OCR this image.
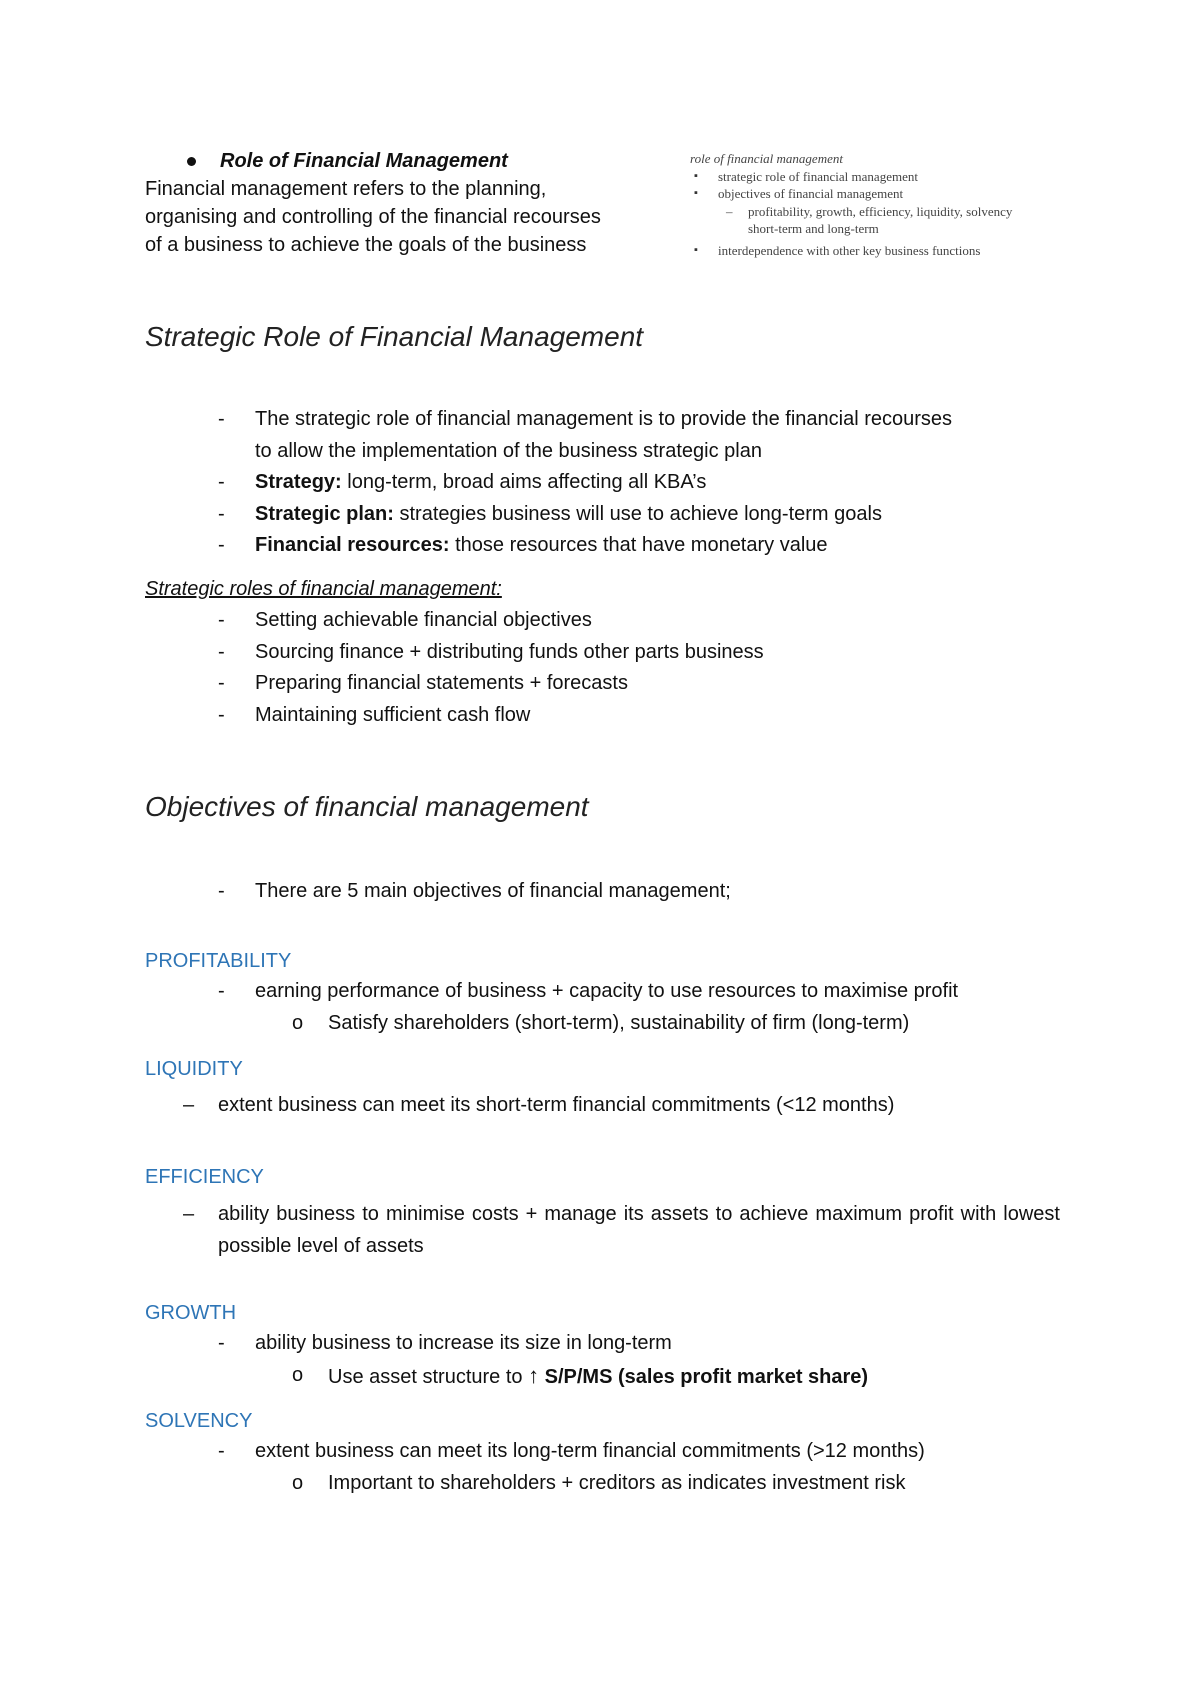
Role of Financial Management
Financial management refers to the planning,
organising and controlling of the financial recourses
of a business to achieve the goals of the business
role of financial management
▪ strategic role of financial management
▪ objectives of financial management
– profitability, growth, efficiency, liquidity, solvency
short-term and long-term
▪ interdependence with other key business functions
Strategic Role of Financial Management
- The strategic role of financial management is to provide the financial recourses
to allow the implementation of the business strategic plan
- Strategy: long-term, broad aims affecting all KBA’s
- Strategic plan: strategies business will use to achieve long-term goals
- Financial resources: those resources that have monetary value
Strategic roles of financial management:
- Setting achievable financial objectives
- Sourcing finance + distributing funds other parts business
- Preparing financial statements + forecasts
- Maintaining sufficient cash flow
Objectives of financial management
- There are 5 main objectives of financial management;
PROFITABILITY
- earning performance of business + capacity to use resources to maximise profit
o Satisfy shareholders (short-term), sustainability of firm (long-term)
LIQUIDITY
– extent business can meet its short-term financial commitments (<12 months)
EFFICIENCY
– ability business to minimise costs + manage its assets to achieve maximum profit with lowest possible level of assets
GROWTH
- ability business to increase its size in long-term
o Use asset structure to ↑ S/P/MS (sales profit market share)
SOLVENCY
- extent business can meet its long-term financial commitments (>12 months)
o Important to shareholders + creditors as indicates investment risk
